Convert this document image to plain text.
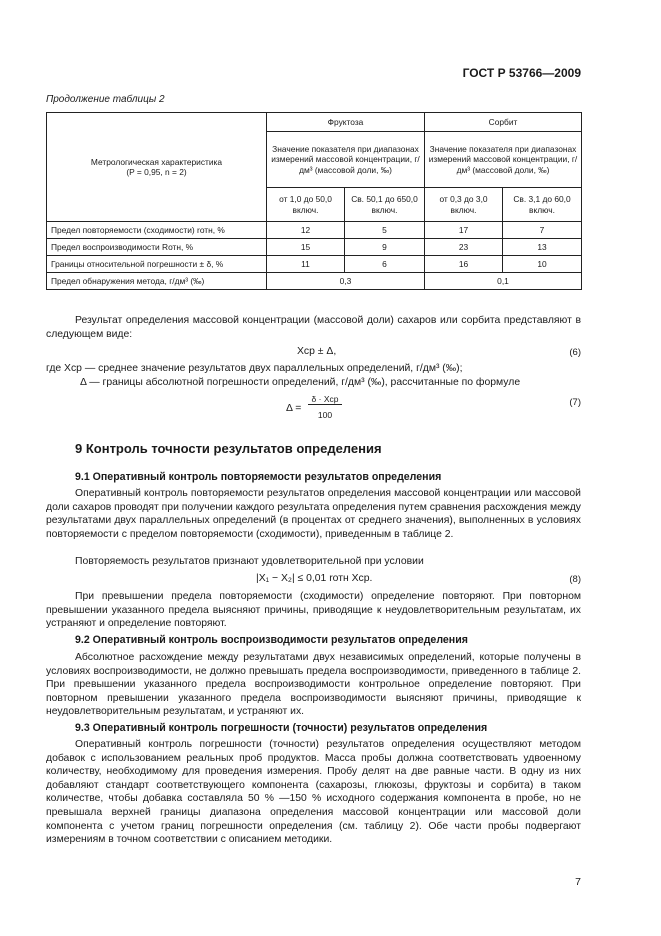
ГОСТ Р 53766—2009
Продолжение таблицы 2
Метрологическая характеристика
(P = 0,95, n = 2)	Фруктоза		Сорбит	
	Значение показателя при диапазонах измерений массовой концентрации, г/дм³ (массовой доли, ‰)		Значение показателя при диапазонах измерений массовой концентрации, г/дм³ (массовой доли, ‰)	
	от 1,0 до 50,0 включ.	Св. 50,1 до 650,0 включ.	от 0,3 до 3,0 включ.	Св. 3,1 до 60,0 включ.
Предел повторяемости (сходимости) rотн, %	12	5	17	7
Предел воспроизводимости Rотн, %	15	9	23	13
Границы относительной погрешности ± δ, %	11	6	16	10
Предел обнаружения метода, г/дм³ (‰)	0,3		0,1	
Результат определения массовой концентрации (массовой доли) сахаров или сорбита представляют в следующем виде:
Xср ± Δ,	(6)
где Xср — среднее значение результатов двух параллельных определений, г/дм³ (‰);
Δ — границы абсолютной погрешности определений, г/дм³ (‰), рассчитанные по формуле
Δ =
δ · Xср
100
(7)
9 Контроль точности результатов определения
9.1 Оперативный контроль повторяемости результатов определения
Оперативный контроль повторяемости результатов определения массовой концентрации или массовой доли сахаров проводят при получении каждого результата определения путем сравнения расхождения между результатами двух параллельных определений (в процентах от среднего значения), выполненных в условиях повторяемости с пределом повторяемости (сходимости), приведенным в таблице 2.
Повторяемость результатов признают удовлетворительной при условии
|X₁ − X₂| ≤ 0,01 rотн Xср.	(8)
При превышении предела повторяемости (сходимости) определение повторяют. При повторном превышении указанного предела выясняют причины, приводящие к неудовлетворительным результатам, их устраняют и определение повторяют.
9.2 Оперативный контроль воспроизводимости результатов определения
Абсолютное расхождение между результатами двух независимых определений, которые получены в условиях воспроизводимости, не должно превышать предела воспроизводимости, приведенного в таблице 2. При превышении указанного предела воспроизводимости контрольное определение повторяют. При повторном превышении указанного предела воспроизводимости выясняют причины, приводящие к неудовлетворительным результатам, и устраняют их.
9.3 Оперативный контроль погрешности (точности) результатов определения
Оперативный контроль погрешности (точности) результатов определения осуществляют методом добавок с использованием реальных проб продуктов. Масса пробы должна соответствовать удвоенному количеству, необходимому для проведения измерения. Пробу делят на две равные части. В одну из них добавляют стандарт соответствующего компонента (сахарозы, глюкозы, фруктозы и сорбита) в таком количестве, чтобы добавка составляла 50 % —150 % исходного содержания компонента в пробе, но не превышала верхней границы диапазона определения массовой концентрации или массовой доли компонента с учетом границ погрешности определения (см. таблицу 2). Обе части пробы подвергают измерениям в точном соответствии с описанием методики.
7
